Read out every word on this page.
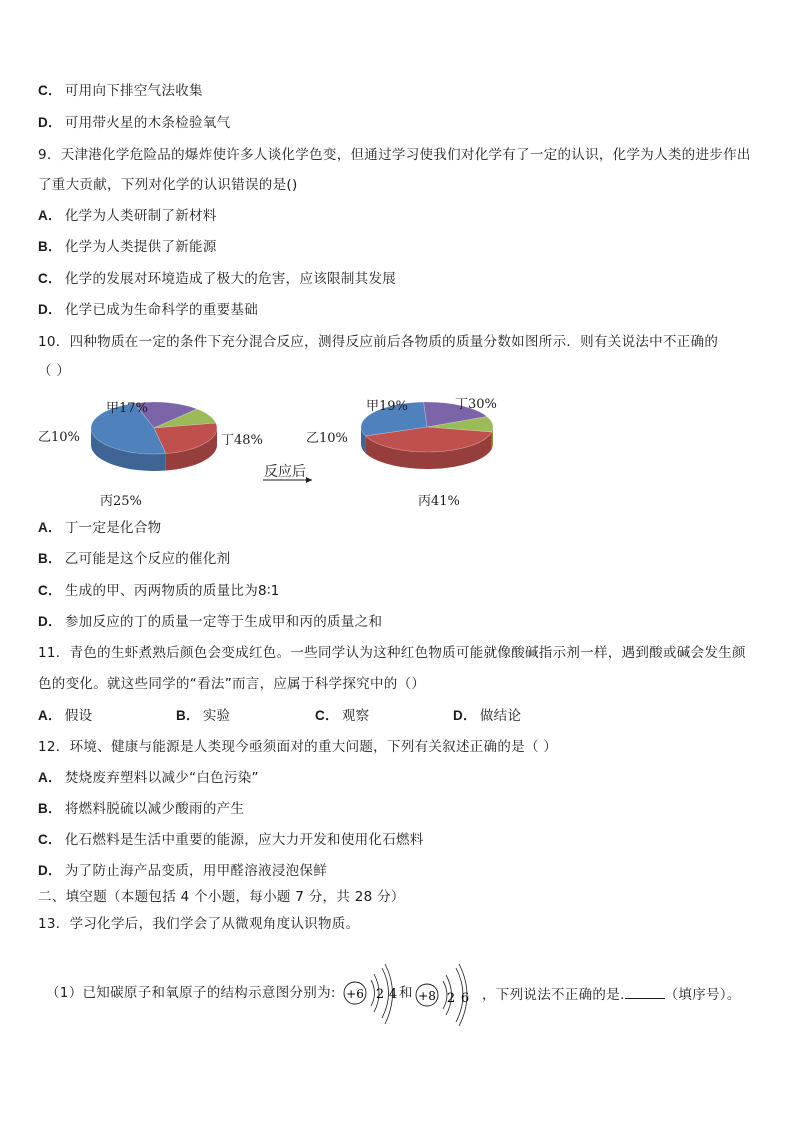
C． 可用向下排空气法收集
D． 可用带火星的木条检验氧气
9．天津港化学危险品的爆炸使许多人谈化学色变，但通过学习使我们对化学有了一定的认识，化学为人类的进步作出
了重大贡献，下列对化学的认识错误的是()
A． 化学为人类研制了新材料
B． 化学为人类提供了新能源
C． 化学的发展对环境造成了极大的危害，应该限制其发展
D． 化学已成为生命科学的重要基础
10．四种物质在一定的条件下充分混合反应，测得反应前后各物质的质量分数如图所示．则有关说法中不正确的
（ ）
甲17%
乙10%
丙25%
丁48%
反应后
甲19%
乙10%
丙41%
丁30%
A． 丁一定是化合物
B． 乙可能是这个反应的催化剂
C． 生成的甲、丙两物质的质量比为8∶1
D． 参加反应的丁的质量一定等于生成甲和丙的质量之和
11．青色的生虾煮熟后颜色会变成红色。一些同学认为这种红色物质可能就像酸碱指示剂一样，遇到酸或碱会发生颜
色的变化。就这些同学的“看法”而言，应属于科学探究中的（）
A． 假设	B． 实验	C． 观察	D． 做结论
12．环境、健康与能源是人类现今亟须面对的重大问题，下列有关叙述正确的是（ ）
A． 焚烧废弃塑料以减少“白色污染”
B． 将燃料脱硫以减少酸雨的产生
C． 化石燃料是生活中重要的能源，应大力开发和使用化石燃料
D． 为了防止海产品变质，用甲醛溶液浸泡保鲜
二、填空题（本题包括 4 个小题，每小题 7 分，共 28 分）
13．学习化学后，我们学会了从微观角度认识物质。
（1）已知碳原子和氧原子的结构示意图分别为: +6 2 4 和 +8 2 6 ，下列说法不正确的是.	（填序号）。
